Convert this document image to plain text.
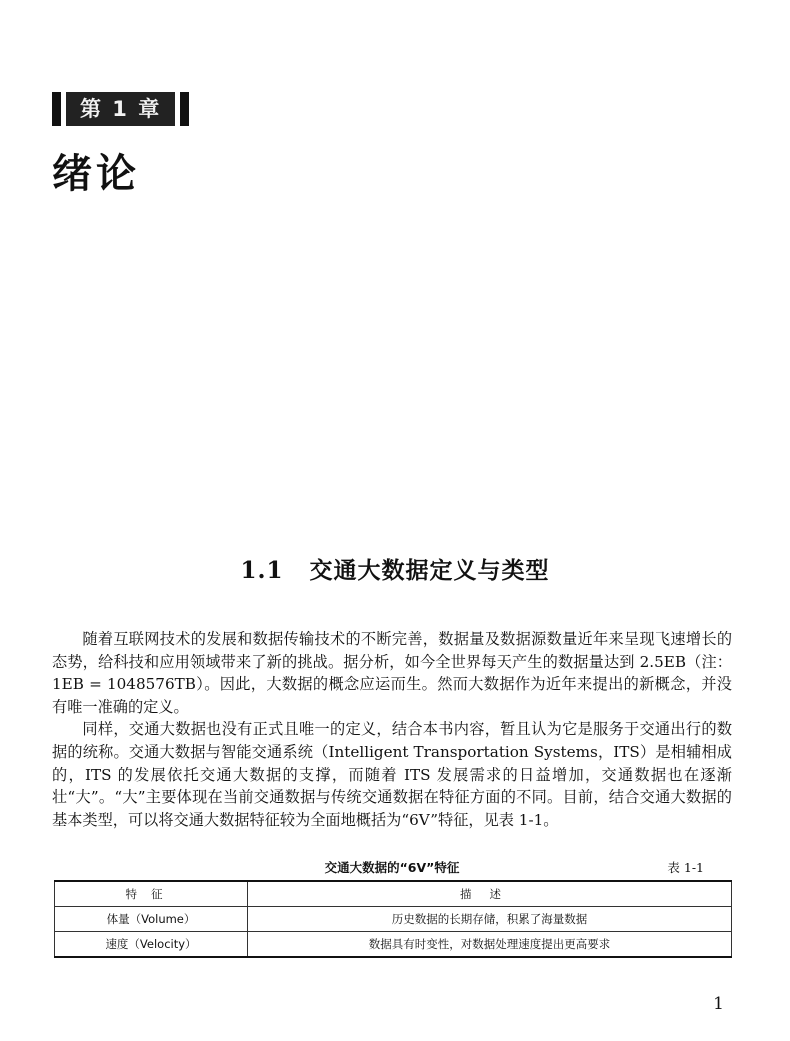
第 1 章
绪论
1.1 交通大数据定义与类型

随着互联网技术的发展和数据传输技术的不断完善，数据量及数据源数量近年来呈现飞速增长的态势，给科技和应用领域带来了新的挑战。据分析，如今全世界每天产生的数据量达到 2.5EB（注：1EB = 1048576TB）。因此，大数据的概念应运而生。然而大数据作为近年来提出的新概念，并没有唯一准确的定义。

同样，交通大数据也没有正式且唯一的定义，结合本书内容，暂且认为它是服务于交通出行的数据的统称。交通大数据与智能交通系统（Intelligent Transportation Systems，ITS）是相辅相成的，ITS 的发展依托交通大数据的支撑，而随着 ITS 发展需求的日益增加，交通数据也在逐渐壮“大”。“大”主要体现在当前交通数据与传统交通数据在特征方面的不同。目前，结合交通大数据的基本类型，可以将交通大数据特征较为全面地概括为“6V”特征，见表 1-1。

交通大数据的“6V”特征	表 1-1
特征	描述
体量（Volume）	历史数据的长期存储，积累了海量数据
速度（Velocity）	数据具有时变性，对数据处理速度提出更高要求
1
